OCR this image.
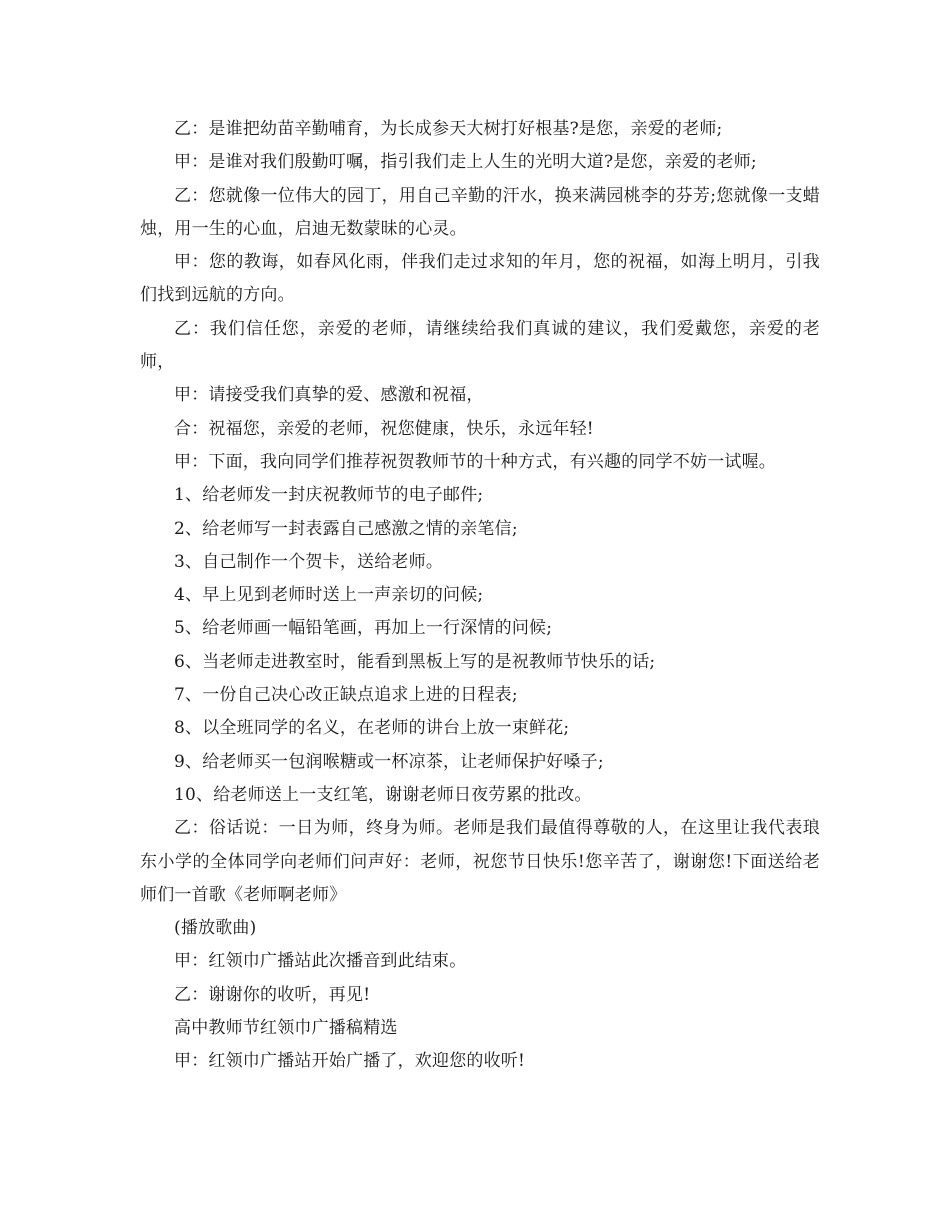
乙：是谁把幼苗辛勤哺育，为长成参天大树打好根基?是您，亲爱的老师;

甲：是谁对我们殷勤叮嘱，指引我们走上人生的光明大道?是您，亲爱的老师;

乙：您就像一位伟大的园丁，用自己辛勤的汗水，换来满园桃李的芬芳;您就像一支蜡烛，用一生的心血，启迪无数蒙昧的心灵。

甲：您的教诲，如春风化雨，伴我们走过求知的年月，您的祝福，如海上明月，引我们找到远航的方向。

乙：我们信任您，亲爱的老师，请继续给我们真诚的建议，我们爱戴您，亲爱的老师，

甲：请接受我们真挚的爱、感激和祝福，

合：祝福您，亲爱的老师，祝您健康，快乐，永远年轻!

甲：下面，我向同学们推荐祝贺教师节的十种方式，有兴趣的同学不妨一试喔。

1、给老师发一封庆祝教师节的电子邮件;

2、给老师写一封表露自己感激之情的亲笔信;

3、自己制作一个贺卡，送给老师。

4、早上见到老师时送上一声亲切的问候;

5、给老师画一幅铅笔画，再加上一行深情的问候;

6、当老师走进教室时，能看到黑板上写的是祝教师节快乐的话;

7、一份自己决心改正缺点追求上进的日程表;

8、以全班同学的名义，在老师的讲台上放一束鲜花;

9、给老师买一包润喉糖或一杯凉茶，让老师保护好嗓子;

10、给老师送上一支红笔，谢谢老师日夜劳累的批改。

乙：俗话说：一日为师，终身为师。老师是我们最值得尊敬的人，在这里让我代表琅东小学的全体同学向老师们问声好：老师，祝您节日快乐!您辛苦了，谢谢您!下面送给老师们一首歌《老师啊老师》

(播放歌曲)

甲：红领巾广播站此次播音到此结束。

乙：谢谢你的收听，再见!

高中教师节红领巾广播稿精选

甲：红领巾广播站开始广播了，欢迎您的收听!
